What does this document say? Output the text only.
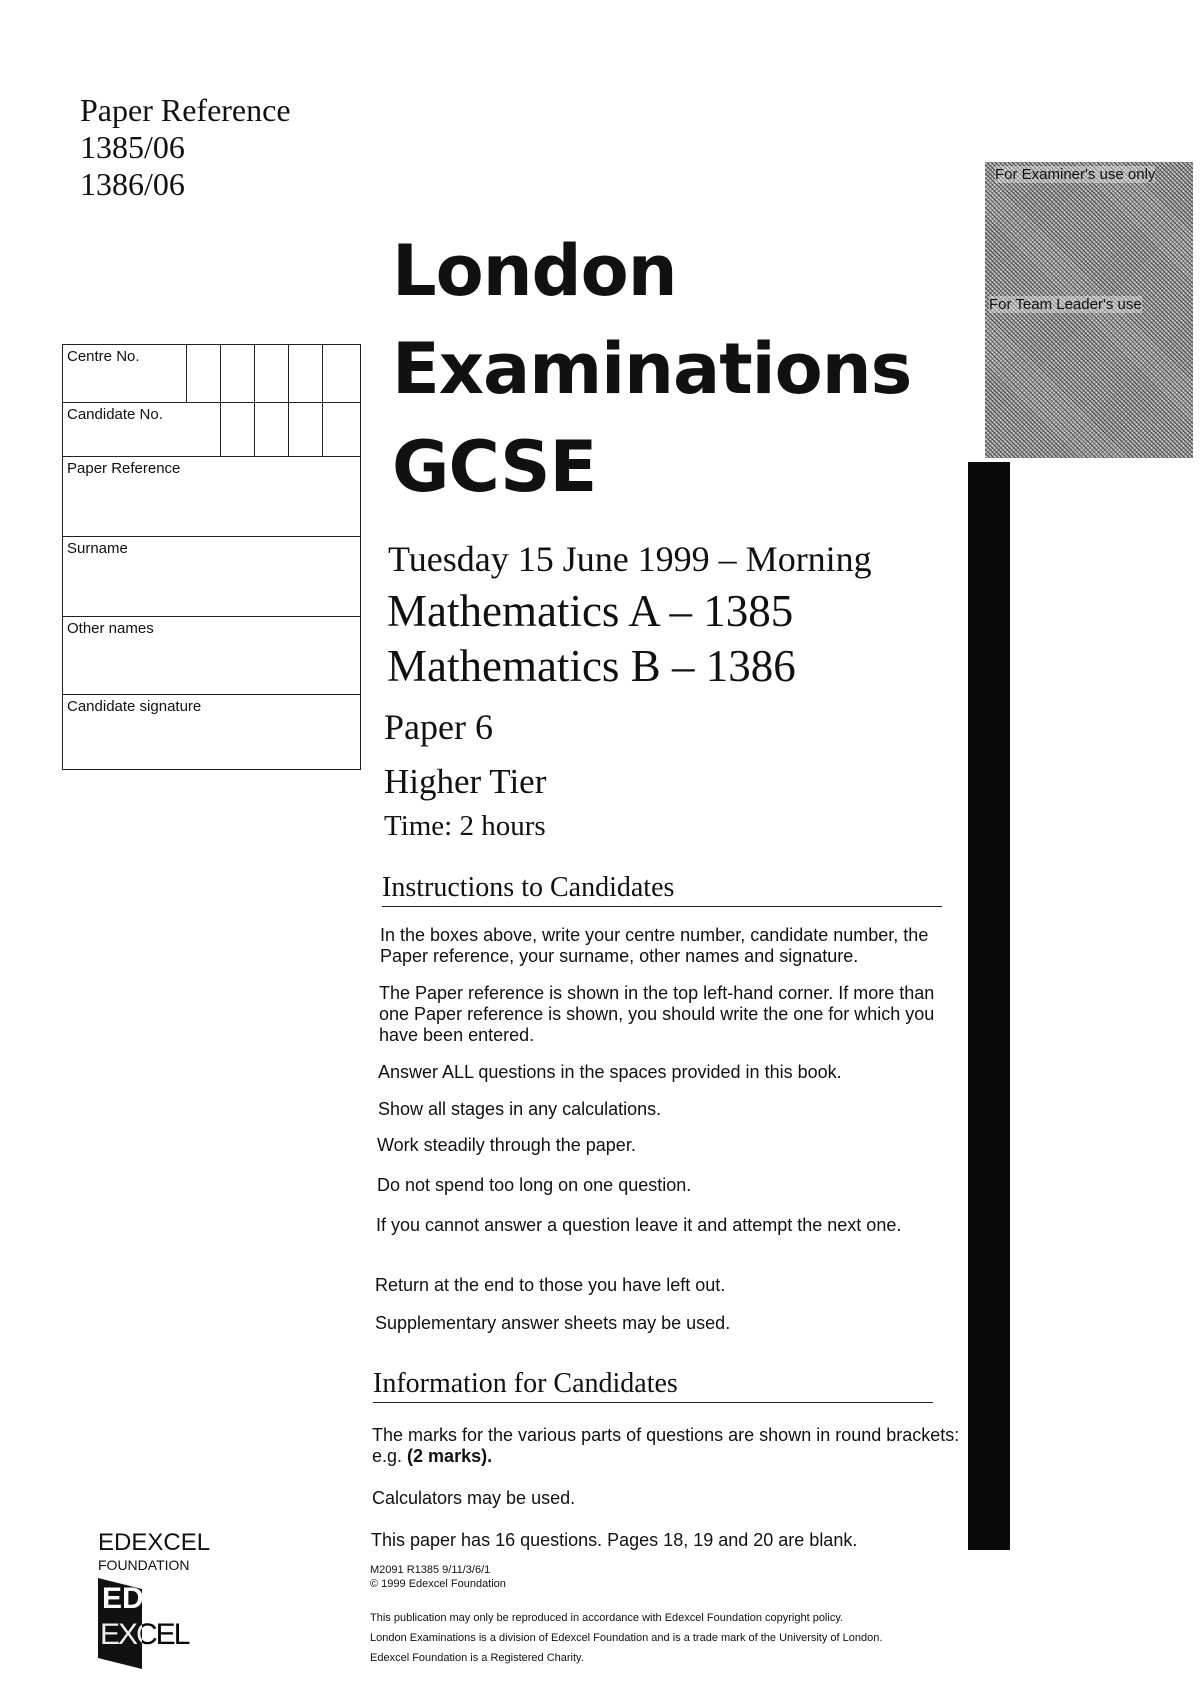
Paper Reference
1385/06
1386/06
Centre No.
Candidate No.
Paper Reference
Surname
Other names
Candidate signature
London
Examinations
GCSE
Tuesday 15 June 1999 – Morning
Mathematics A – 1385
Mathematics B – 1386
Paper 6
Higher Tier
Time: 2 hours
Instructions to Candidates
In the boxes above, write your centre number, candidate number, the Paper reference, your surname, other names and signature.
The Paper reference is shown in the top left-hand corner. If more than one Paper reference is shown, you should write the one for which you have been entered.
Answer ALL questions in the spaces provided in this book.
Show all stages in any calculations.
Work steadily through the paper.
Do not spend too long on one question.
If you cannot answer a question leave it and attempt the next one.
Return at the end to those you have left out.
Supplementary answer sheets may be used.
Information for Candidates
The marks for the various parts of questions are shown in round brackets: e.g. (2 marks).
Calculators may be used.
This paper has 16 questions. Pages 18, 19 and 20 are blank.
M2091 R1385 9/11/3/6/1
© 1999 Edexcel Foundation
This publication may only be reproduced in accordance with Edexcel Foundation copyright policy.
London Examinations is a division of Edexcel Foundation and is a trade mark of the University of London.
Edexcel Foundation is a Registered Charity.
EDEXCEL
FOUNDATION
ED
EXCEL
For Examiner's use only
For Team Leader's use
